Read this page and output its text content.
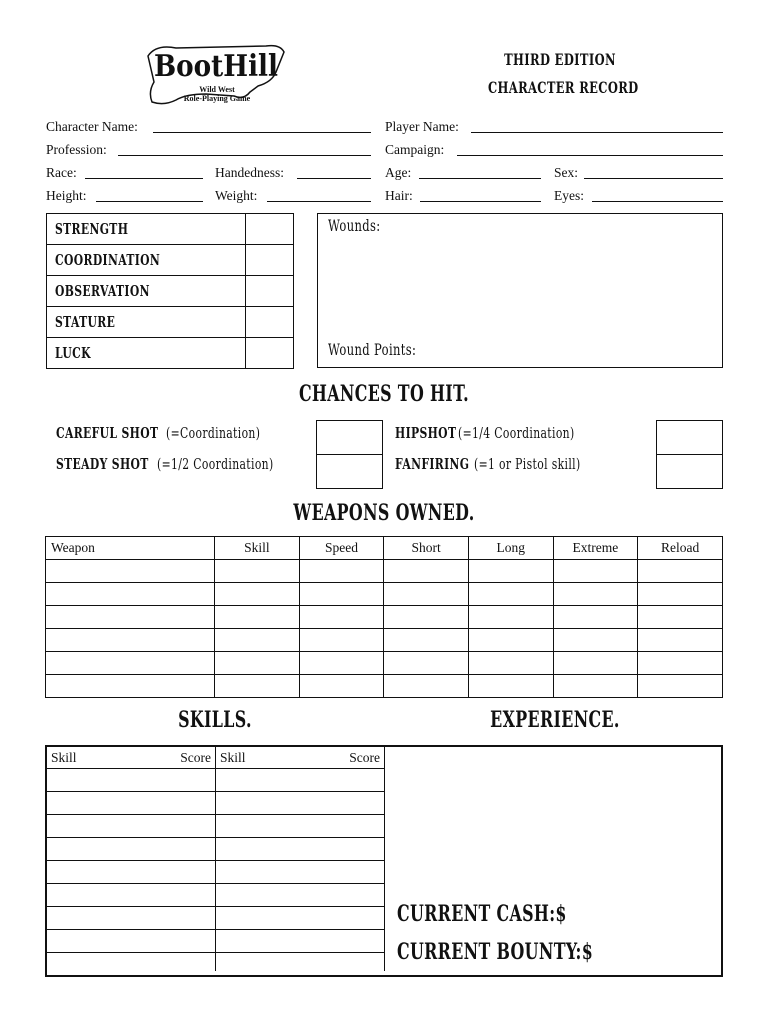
BootHill
Wild West
Role-Playing Game
THIRD EDITION
CHARACTER RECORD
Character Name:	Player Name:
Profession:	Campaign:
Race:	Handedness:	Age:	Sex:
Height:	Weight:	Hair:	Eyes:
STRENGTH	
COORDINATION	
OBSERVATION	
STATURE	
LUCK	
Wounds:
Wound Points:
CHANCES TO HIT.
CAREFUL SHOT (=Coordination)
STEADY SHOT (=1/2 Coordination)
HIPSHOT (=1/4 Coordination)
FANFIRING (=1 or Pistol skill)
WEAPONS OWNED.
Weapon	Skill	Speed	Short	Long	Extreme	Reload

SKILLS.	EXPERIENCE.
Skill Score	Skill Score

CURRENT CASH:$
CURRENT BOUNTY:$
